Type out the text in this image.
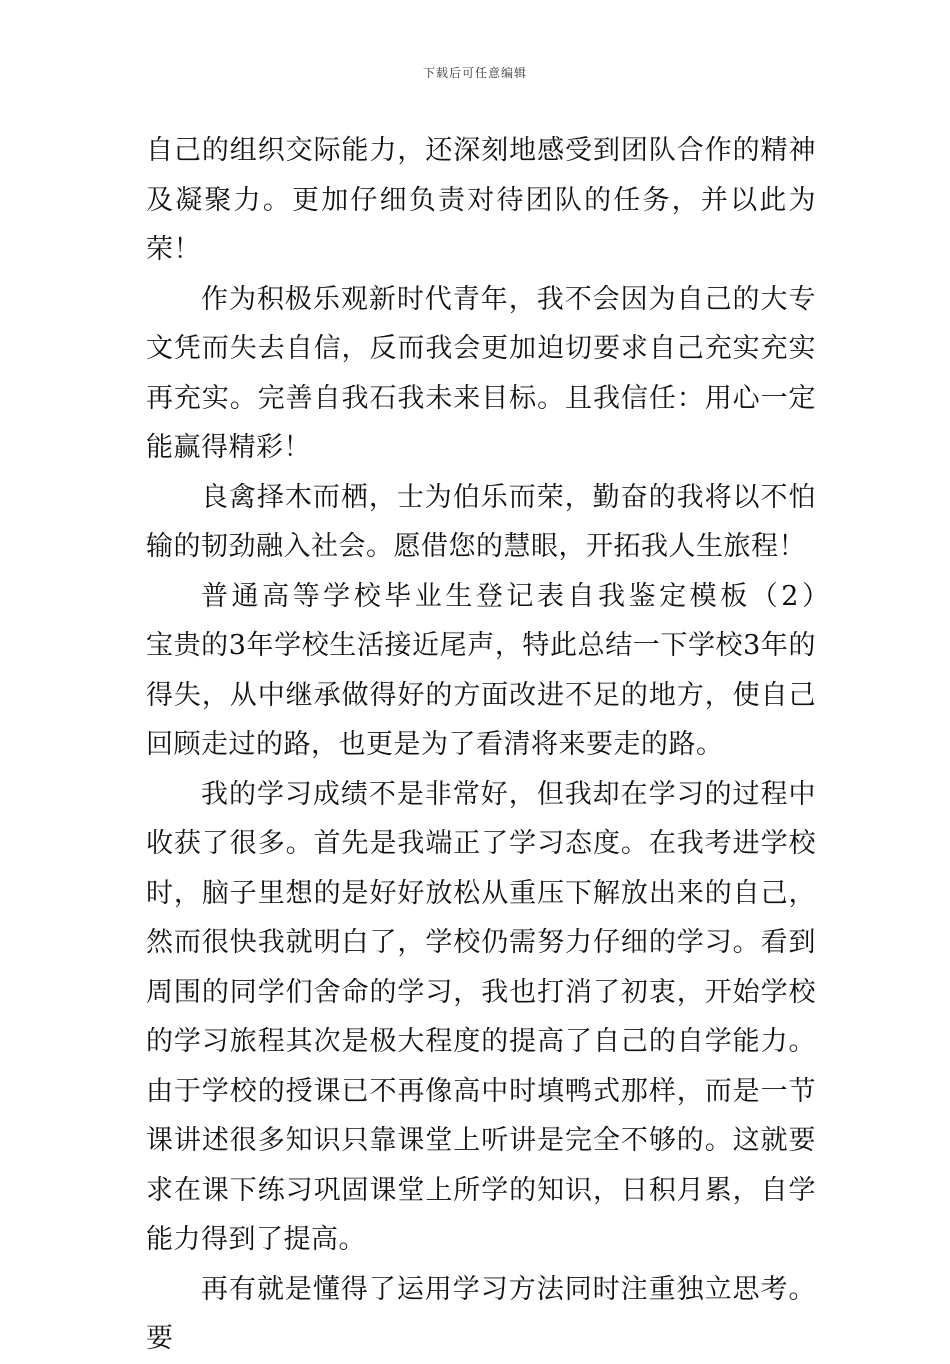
下载后可任意编辑

自己的组织交际能力，还深刻地感受到团队合作的精神及凝聚力。更加仔细负责对待团队的任务，并以此为荣！

作为积极乐观新时代青年，我不会因为自己的大专文凭而失去自信，反而我会更加迫切要求自己充实充实再充实。完善自我石我未来目标。且我信任：用心一定能赢得精彩！

良禽择木而栖，士为伯乐而荣，勤奋的我将以不怕输的韧劲融入社会。愿借您的慧眼，开拓我人生旅程！

普通高等学校毕业生登记表自我鉴定模板（2）　　宝贵的3年学校生活接近尾声，特此总结一下学校3年的得失，从中继承做得好的方面改进不足的地方，使自己回顾走过的路，也更是为了看清将来要走的路。

我的学习成绩不是非常好，但我却在学习的过程中收获了很多。首先是我端正了学习态度。在我考进学校时，脑子里想的是好好放松从重压下解放出来的自己，然而很快我就明白了，学校仍需努力仔细的学习。看到周围的同学们舍命的学习，我也打消了初衷，开始学校的学习旅程其次是极大程度的提高了自己的自学能力。由于学校的授课已不再像高中时填鸭式那样，而是一节课讲述很多知识只靠课堂上听讲是完全不够的。这就要求在课下练习巩固课堂上所学的知识，日积月累，自学能力得到了提高。

再有就是懂得了运用学习方法同时注重独立思考。要
